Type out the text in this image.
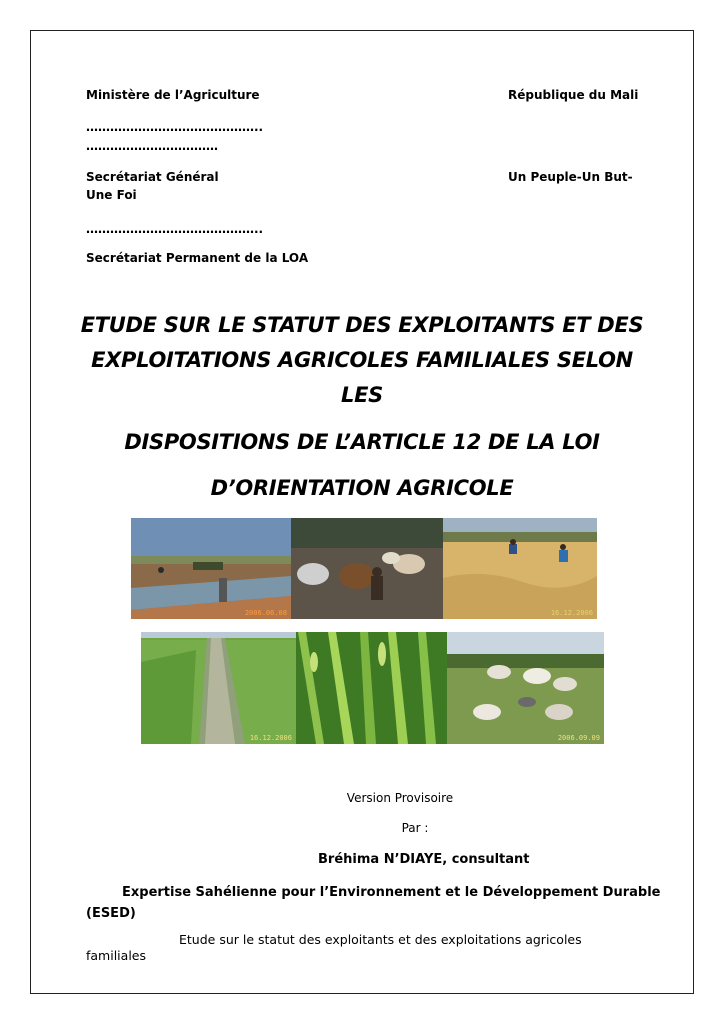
Ministère de l’Agriculture	République du Mali
……………………………………..
……………………………
Secrétariat Général	Un Peuple-Un But-
Une Foi
……………………………………..
Secrétariat Permanent de la LOA
ETUDE SUR LE STATUT DES EXPLOITANTS ET DES
EXPLOITATIONS AGRICOLES FAMILIALES SELON
LES
DISPOSITIONS DE L’ARTICLE 12 DE LA LOI
D’ORIENTATION AGRICOLE
2006.06.08	16.12.2006
16.12.2006	2006.09.09
Version Provisoire
Par :
Bréhima N’DIAYE, consultant
Expertise Sahélienne pour l’Environnement et le Développement Durable
(ESED)
Etude sur le statut des exploitants et des exploitations agricoles
familiales
